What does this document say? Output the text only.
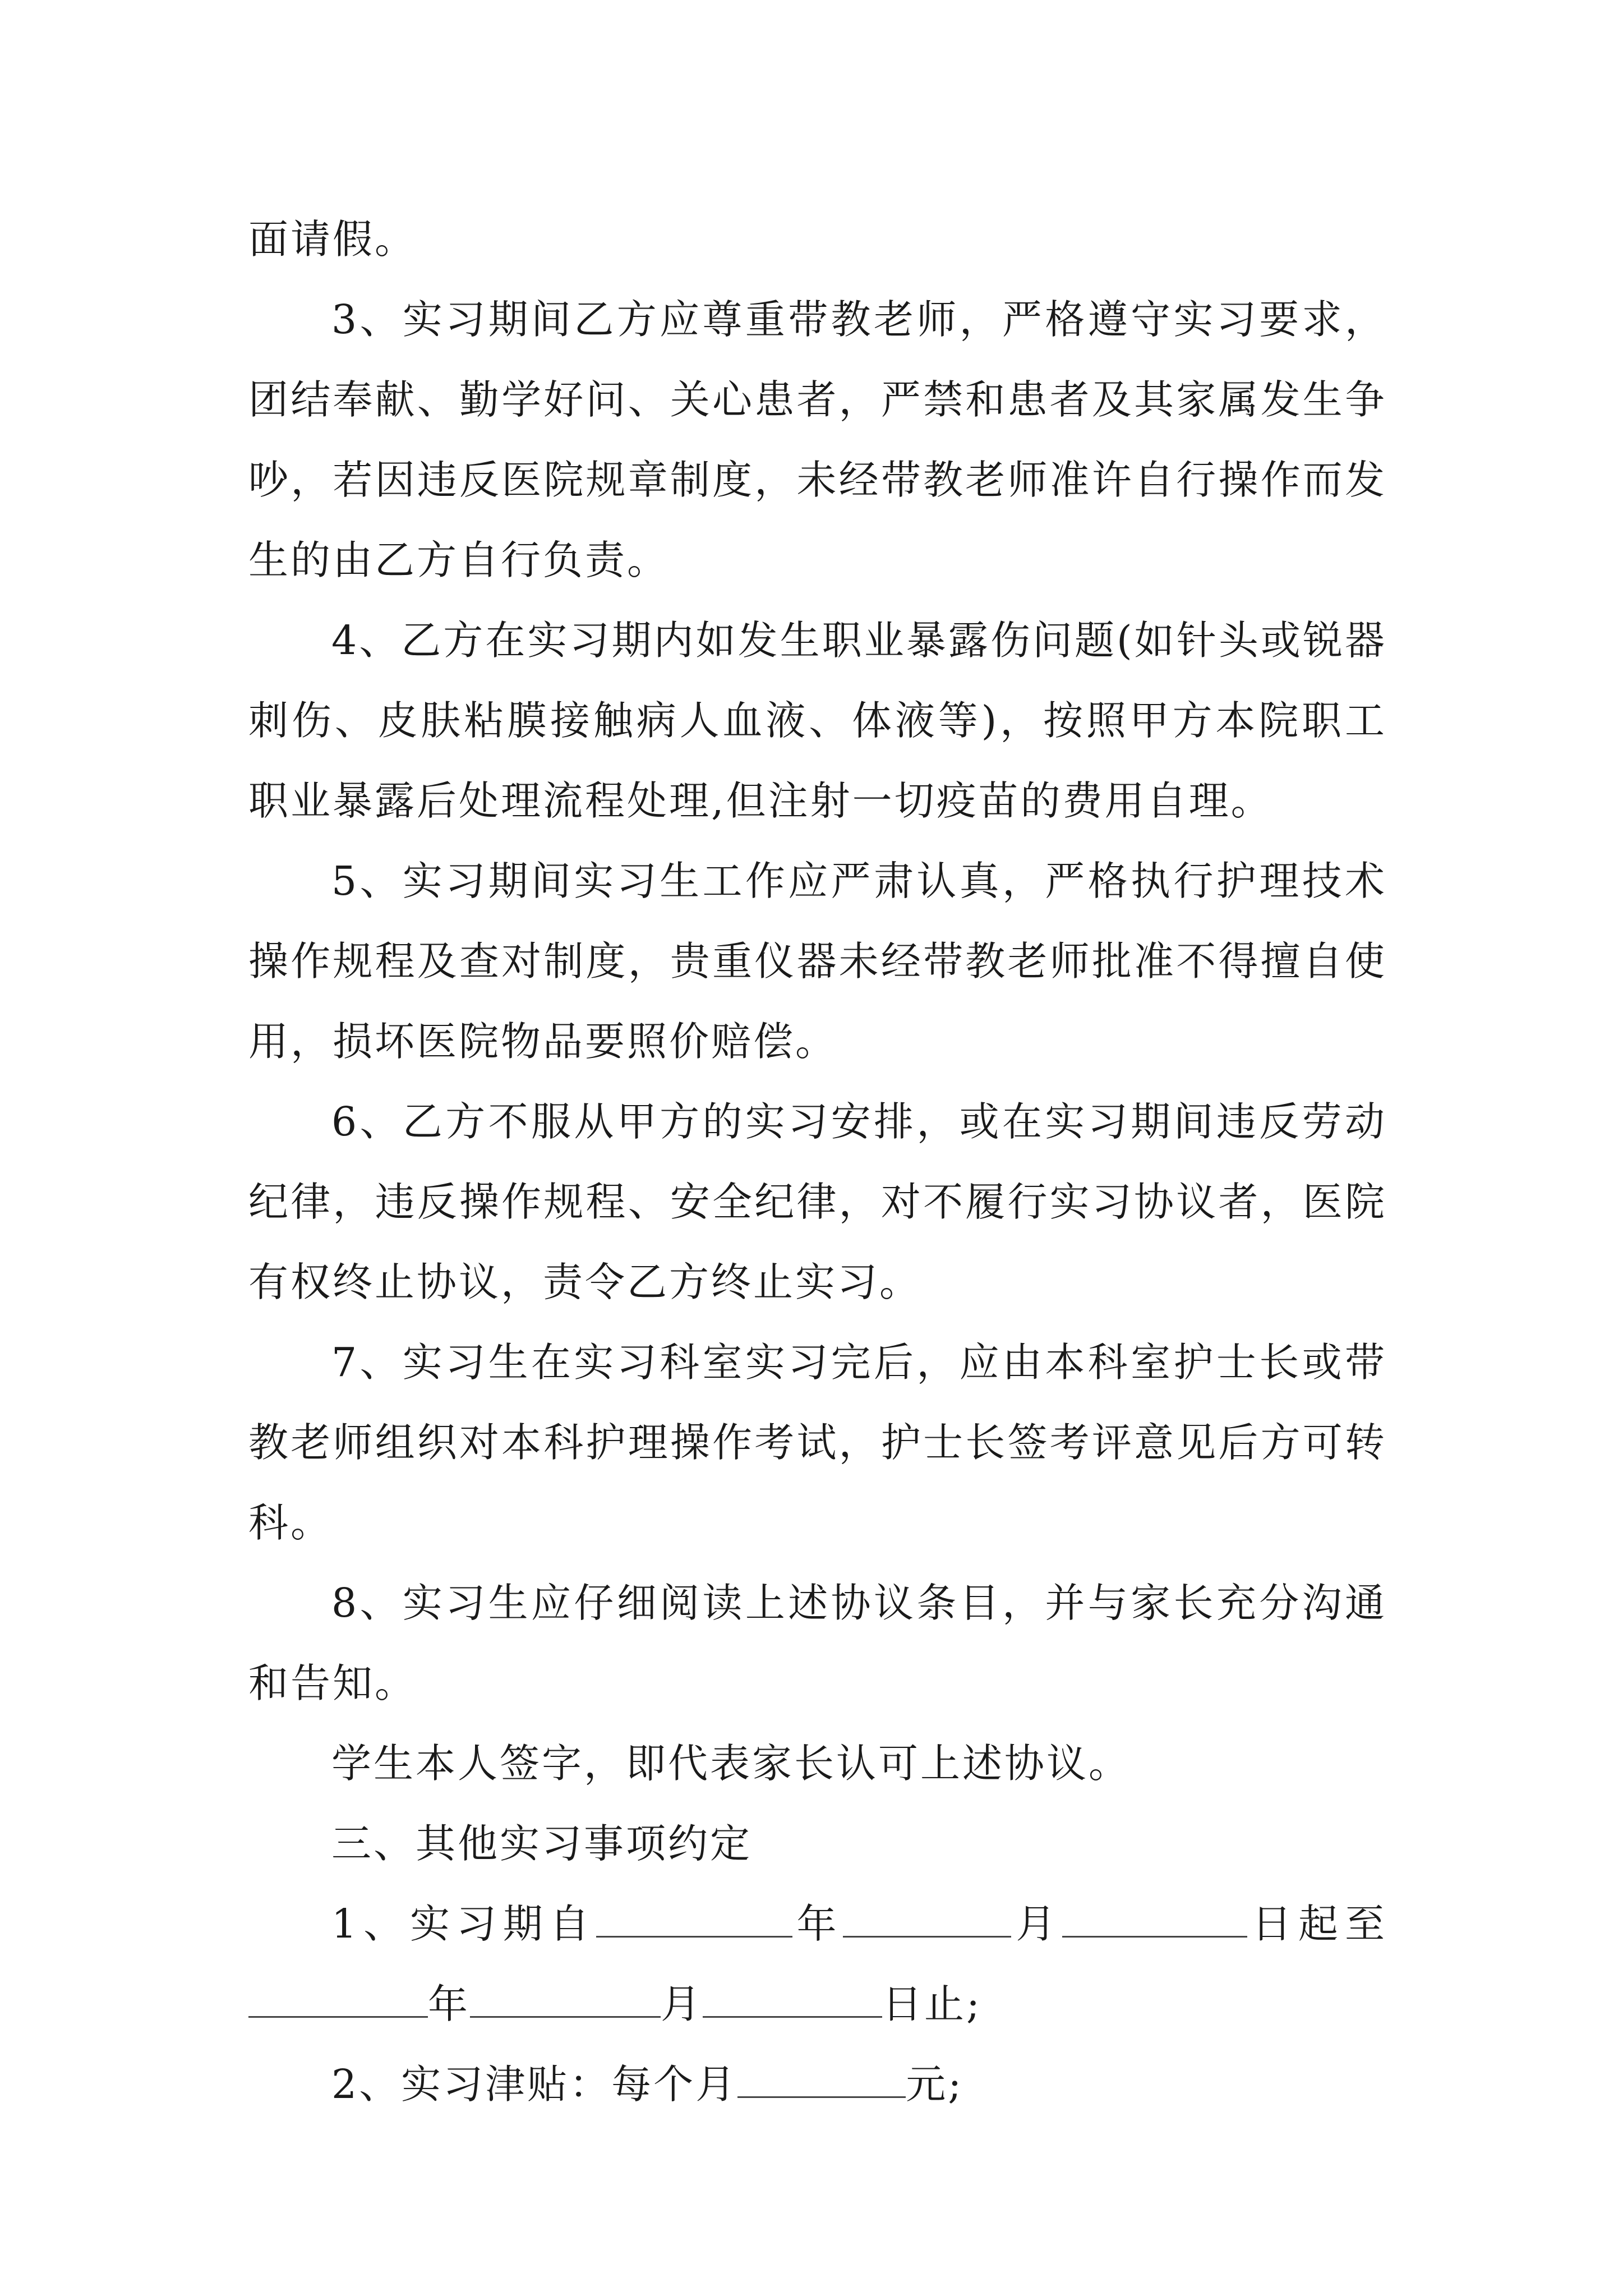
面请假。

3、实习期间乙方应尊重带教老师，严格遵守实习要求，团结奉献、勤学好问、关心患者，严禁和患者及其家属发生争吵，若因违反医院规章制度，未经带教老师准许自行操作而发生的由乙方自行负责。

4、乙方在实习期内如发生职业暴露伤问题(如针头或锐器刺伤、皮肤粘膜接触病人血液、体液等)，按照甲方本院职工职业暴露后处理流程处理,但注射一切疫苗的费用自理。

5、实习期间实习生工作应严肃认真，严格执行护理技术操作规程及查对制度，贵重仪器未经带教老师批准不得擅自使用，损坏医院物品要照价赔偿。

6、乙方不服从甲方的实习安排，或在实习期间违反劳动纪律，违反操作规程、安全纪律，对不履行实习协议者，医院有权终止协议，责令乙方终止实习。

7、实习生在实习科室实习完后，应由本科室护士长或带教老师组织对本科护理操作考试，护士长签考评意见后方可转科。

8、实习生应仔细阅读上述协议条目，并与家长充分沟通和告知。

学生本人签字，即代表家长认可上述协议。

三、其他实习事项约定

1、实习期自	年	月	日起至年	月	日止;

2、实习津贴：每个月	元;
